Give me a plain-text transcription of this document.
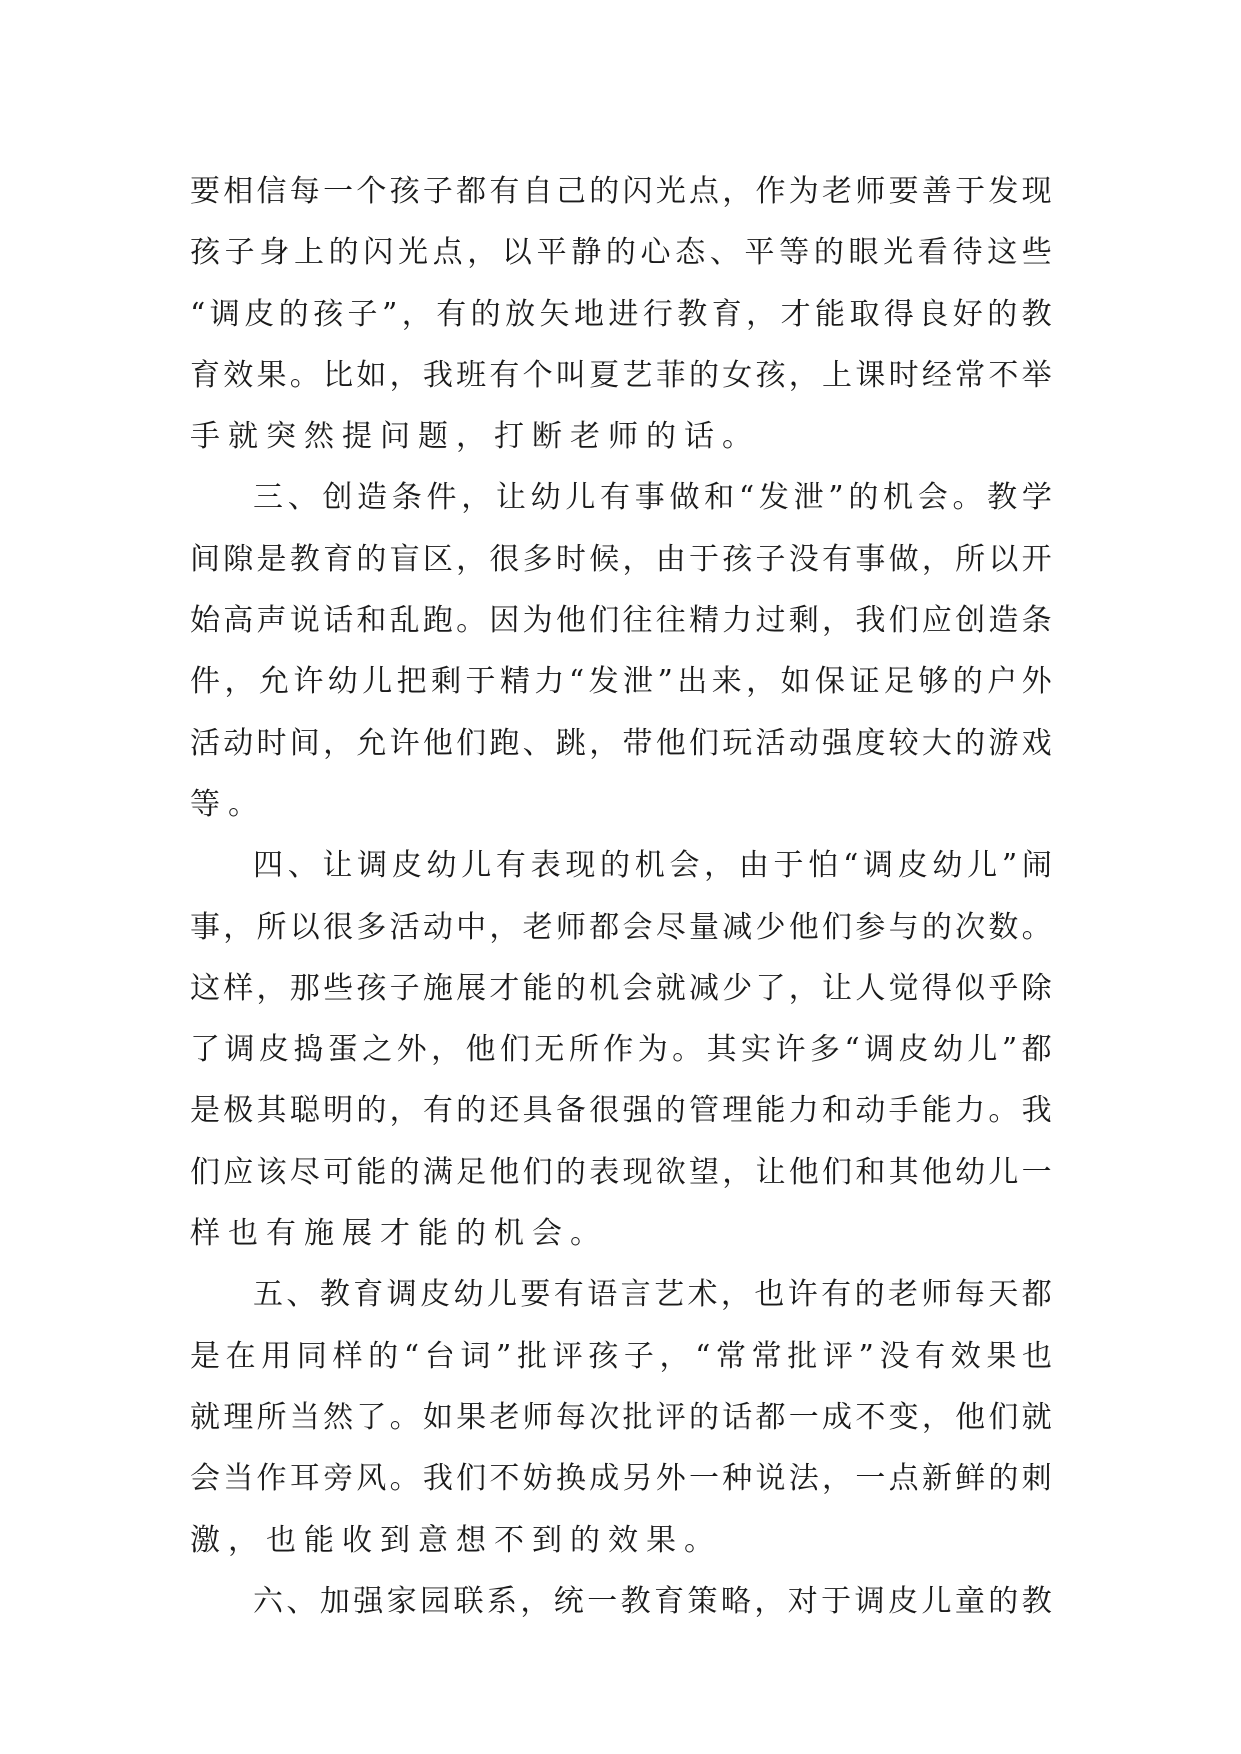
要 相 信 每 一 个 孩 子 都 有 自 己 的 闪 光 点 ， 作 为 老 师 要 善 于 发 现
孩 子 身 上 的 闪 光 点 ， 以 平 静 的 心 态 、 平 等 的 眼 光 看 待 这 些
“ 调 皮 的 孩 子 ” ， 有 的 放 矢 地 进 行 教 育 ， 才 能 取 得 良 好 的 教
育 效 果 。 比 如 ， 我 班 有 个 叫 夏 艺 菲 的 女 孩 ， 上 课 时 经 常 不 举
手就突然提问题，打断老师的话。
三 、 创 造 条 件 ， 让 幼 儿 有 事 做 和 “ 发 泄 ” 的 机 会 。 教 学
间 隙 是 教 育 的 盲 区 ， 很 多 时 候 ， 由 于 孩 子 没 有 事 做 ， 所 以 开
始 高 声 说 话 和 乱 跑 。 因 为 他 们 往 往 精 力 过 剩 ， 我 们 应 创 造 条
件 ， 允 许 幼 儿 把 剩 于 精 力 “ 发 泄 ” 出 来 ， 如 保 证 足 够 的 户 外
活 动 时 间 ， 允 许 他 们 跑 、 跳 ， 带 他 们 玩 活 动 强 度 较 大 的 游 戏
等。
四 、 让 调 皮 幼 儿 有 表 现 的 机 会 ， 由 于 怕 “ 调 皮 幼 儿 ” 闹
事 ， 所 以 很 多 活 动 中 ， 老 师 都 会 尽 量 减 少 他 们 参 与 的 次 数 。
这 样 ， 那 些 孩 子 施 展 才 能 的 机 会 就 减 少 了 ， 让 人 觉 得 似 乎 除
了 调 皮 捣 蛋 之 外 ， 他 们 无 所 作 为 。 其 实 许 多 “ 调 皮 幼 儿 ” 都
是 极 其 聪 明 的 ， 有 的 还 具 备 很 强 的 管 理 能 力 和 动 手 能 力 。 我
们 应 该 尽 可 能 的 满 足 他 们 的 表 现 欲 望 ， 让 他 们 和 其 他 幼 儿 一
样也有施展才能的机会。
五 、 教 育 调 皮 幼 儿 要 有 语 言 艺 术 ， 也 许 有 的 老 师 每 天 都
是 在 用 同 样 的 “ 台 词 ” 批 评 孩 子 ， “ 常 常 批 评 ” 没 有 效 果 也
就 理 所 当 然 了 。 如 果 老 师 每 次 批 评 的 话 都 一 成 不 变 ， 他 们 就
会 当 作 耳 旁 风 。 我 们 不 妨 换 成 另 外 一 种 说 法 ， 一 点 新 鲜 的 刺
激，也能收到意想不到的效果。
六 、 加 强 家 园 联 系 ， 统 一 教 育 策 略 ， 对 于 调 皮 儿 童 的 教
